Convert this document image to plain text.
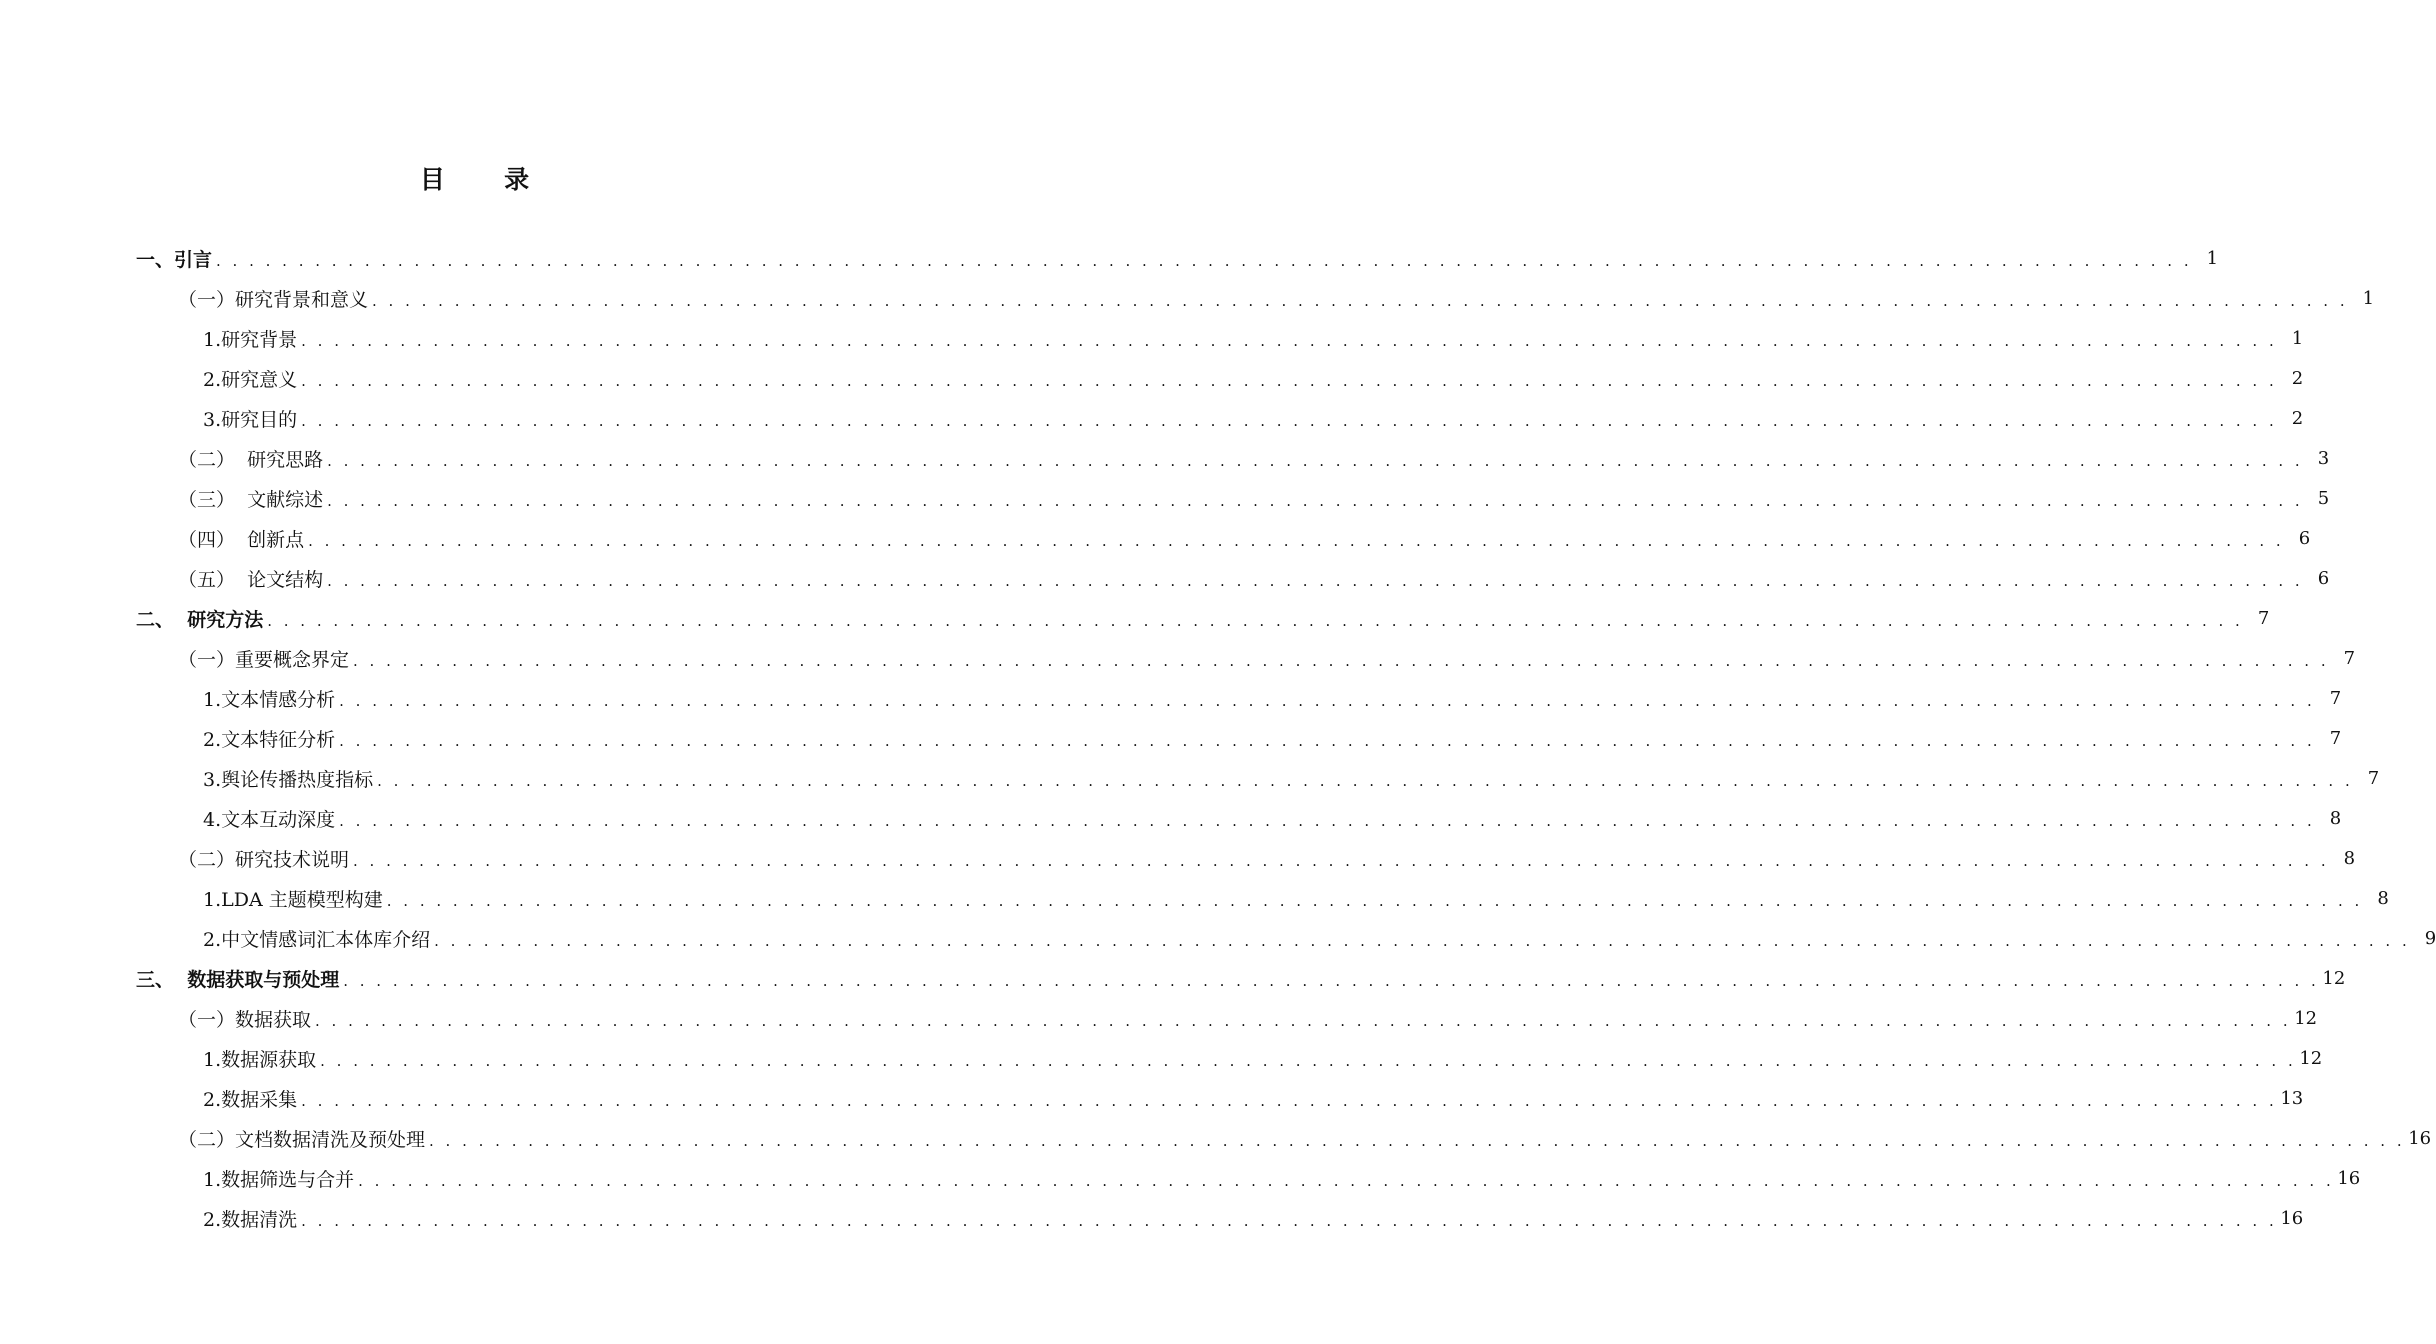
目      录
一、引言 . . . . . . . . . . . . . . . . . . . . . . . . . . . . . . . . . . . . . . . . . . . . . . . . . . . . . . . . . . . . . . . . . . . . . . . . . . . . . . . . . . . . . . . . . . . . . . . . . . . . . . . . . . . . . . . . . . . . . . . . 1
（一）研究背景和意义 . . . . . . . . . . . . . . . . . . . . . . . . . . . . . . . . . . . . . . . . . . . . . . . . . . . . . . . . . . . . . . . . . . . . . . . . . . . . . . . . . . . . . . . . . . . . . . . . . . . . . . . . . . . . . . . . . . . . . . . . 1
1.研究背景 . . . . . . . . . . . . . . . . . . . . . . . . . . . . . . . . . . . . . . . . . . . . . . . . . . . . . . . . . . . . . . . . . . . . . . . . . . . . . . . . . . . . . . . . . . . . . . . . . . . . . . . . . . . . . . . . . . . . . . . . 1
2.研究意义 . . . . . . . . . . . . . . . . . . . . . . . . . . . . . . . . . . . . . . . . . . . . . . . . . . . . . . . . . . . . . . . . . . . . . . . . . . . . . . . . . . . . . . . . . . . . . . . . . . . . . . . . . . . . . . . . . . . . . . . . 2
3.研究目的 . . . . . . . . . . . . . . . . . . . . . . . . . . . . . . . . . . . . . . . . . . . . . . . . . . . . . . . . . . . . . . . . . . . . . . . . . . . . . . . . . . . . . . . . . . . . . . . . . . . . . . . . . . . . . . . . . . . . . . . . 2
（二）  研究思路 . . . . . . . . . . . . . . . . . . . . . . . . . . . . . . . . . . . . . . . . . . . . . . . . . . . . . . . . . . . . . . . . . . . . . . . . . . . . . . . . . . . . . . . . . . . . . . . . . . . . . . . . . . . . . . . . . . . . . . . . 3
（三）  文献综述 . . . . . . . . . . . . . . . . . . . . . . . . . . . . . . . . . . . . . . . . . . . . . . . . . . . . . . . . . . . . . . . . . . . . . . . . . . . . . . . . . . . . . . . . . . . . . . . . . . . . . . . . . . . . . . . . . . . . . . . . 5
（四）  创新点 . . . . . . . . . . . . . . . . . . . . . . . . . . . . . . . . . . . . . . . . . . . . . . . . . . . . . . . . . . . . . . . . . . . . . . . . . . . . . . . . . . . . . . . . . . . . . . . . . . . . . . . . . . . . . . . . . . . . . . . . 6
（五）  论文结构 . . . . . . . . . . . . . . . . . . . . . . . . . . . . . . . . . . . . . . . . . . . . . . . . . . . . . . . . . . . . . . . . . . . . . . . . . . . . . . . . . . . . . . . . . . . . . . . . . . . . . . . . . . . . . . . . . . . . . . . . 6
二、  研究方法 . . . . . . . . . . . . . . . . . . . . . . . . . . . . . . . . . . . . . . . . . . . . . . . . . . . . . . . . . . . . . . . . . . . . . . . . . . . . . . . . . . . . . . . . . . . . . . . . . . . . . . . . . . . . . . . . . . . . . . . . 7
（一）重要概念界定 . . . . . . . . . . . . . . . . . . . . . . . . . . . . . . . . . . . . . . . . . . . . . . . . . . . . . . . . . . . . . . . . . . . . . . . . . . . . . . . . . . . . . . . . . . . . . . . . . . . . . . . . . . . . . . . . . . . . . . . . 7
1.文本情感分析 . . . . . . . . . . . . . . . . . . . . . . . . . . . . . . . . . . . . . . . . . . . . . . . . . . . . . . . . . . . . . . . . . . . . . . . . . . . . . . . . . . . . . . . . . . . . . . . . . . . . . . . . . . . . . . . . . . . . . . . . 7
2.文本特征分析 . . . . . . . . . . . . . . . . . . . . . . . . . . . . . . . . . . . . . . . . . . . . . . . . . . . . . . . . . . . . . . . . . . . . . . . . . . . . . . . . . . . . . . . . . . . . . . . . . . . . . . . . . . . . . . . . . . . . . . . . 7
3.舆论传播热度指标 . . . . . . . . . . . . . . . . . . . . . . . . . . . . . . . . . . . . . . . . . . . . . . . . . . . . . . . . . . . . . . . . . . . . . . . . . . . . . . . . . . . . . . . . . . . . . . . . . . . . . . . . . . . . . . . . . . . . . . . . 7
4.文本互动深度 . . . . . . . . . . . . . . . . . . . . . . . . . . . . . . . . . . . . . . . . . . . . . . . . . . . . . . . . . . . . . . . . . . . . . . . . . . . . . . . . . . . . . . . . . . . . . . . . . . . . . . . . . . . . . . . . . . . . . . . . 8
（二）研究技术说明 . . . . . . . . . . . . . . . . . . . . . . . . . . . . . . . . . . . . . . . . . . . . . . . . . . . . . . . . . . . . . . . . . . . . . . . . . . . . . . . . . . . . . . . . . . . . . . . . . . . . . . . . . . . . . . . . . . . . . . . . 8
1.LDA 主题模型构建 . . . . . . . . . . . . . . . . . . . . . . . . . . . . . . . . . . . . . . . . . . . . . . . . . . . . . . . . . . . . . . . . . . . . . . . . . . . . . . . . . . . . . . . . . . . . . . . . . . . . . . . . . . . . . . . . . . . . . . . . 8
2.中文情感词汇本体库介绍 . . . . . . . . . . . . . . . . . . . . . . . . . . . . . . . . . . . . . . . . . . . . . . . . . . . . . . . . . . . . . . . . . . . . . . . . . . . . . . . . . . . . . . . . . . . . . . . . . . . . . . . . . . . . . . . . . . . . . . . . 9
三、  数据获取与预处理 . . . . . . . . . . . . . . . . . . . . . . . . . . . . . . . . . . . . . . . . . . . . . . . . . . . . . . . . . . . . . . . . . . . . . . . . . . . . . . . . . . . . . . . . . . . . . . . . . . . . . . . . . . . . . . . . . . . . . . . . 12
（一）数据获取 . . . . . . . . . . . . . . . . . . . . . . . . . . . . . . . . . . . . . . . . . . . . . . . . . . . . . . . . . . . . . . . . . . . . . . . . . . . . . . . . . . . . . . . . . . . . . . . . . . . . . . . . . . . . . . . . . . . . . . . . 12
1.数据源获取 . . . . . . . . . . . . . . . . . . . . . . . . . . . . . . . . . . . . . . . . . . . . . . . . . . . . . . . . . . . . . . . . . . . . . . . . . . . . . . . . . . . . . . . . . . . . . . . . . . . . . . . . . . . . . . . . . . . . . . . . 12
2.数据采集 . . . . . . . . . . . . . . . . . . . . . . . . . . . . . . . . . . . . . . . . . . . . . . . . . . . . . . . . . . . . . . . . . . . . . . . . . . . . . . . . . . . . . . . . . . . . . . . . . . . . . . . . . . . . . . . . . . . . . . . . 13
（二）文档数据清洗及预处理 . . . . . . . . . . . . . . . . . . . . . . . . . . . . . . . . . . . . . . . . . . . . . . . . . . . . . . . . . . . . . . . . . . . . . . . . . . . . . . . . . . . . . . . . . . . . . . . . . . . . . . . . . . . . . . . . . . . . . . . . 16
1.数据筛选与合并 . . . . . . . . . . . . . . . . . . . . . . . . . . . . . . . . . . . . . . . . . . . . . . . . . . . . . . . . . . . . . . . . . . . . . . . . . . . . . . . . . . . . . . . . . . . . . . . . . . . . . . . . . . . . . . . . . . . . . . . . 16
2.数据清洗 . . . . . . . . . . . . . . . . . . . . . . . . . . . . . . . . . . . . . . . . . . . . . . . . . . . . . . . . . . . . . . . . . . . . . . . . . . . . . . . . . . . . . . . . . . . . . . . . . . . . . . . . . . . . . . . . . . . . . . . . 16
